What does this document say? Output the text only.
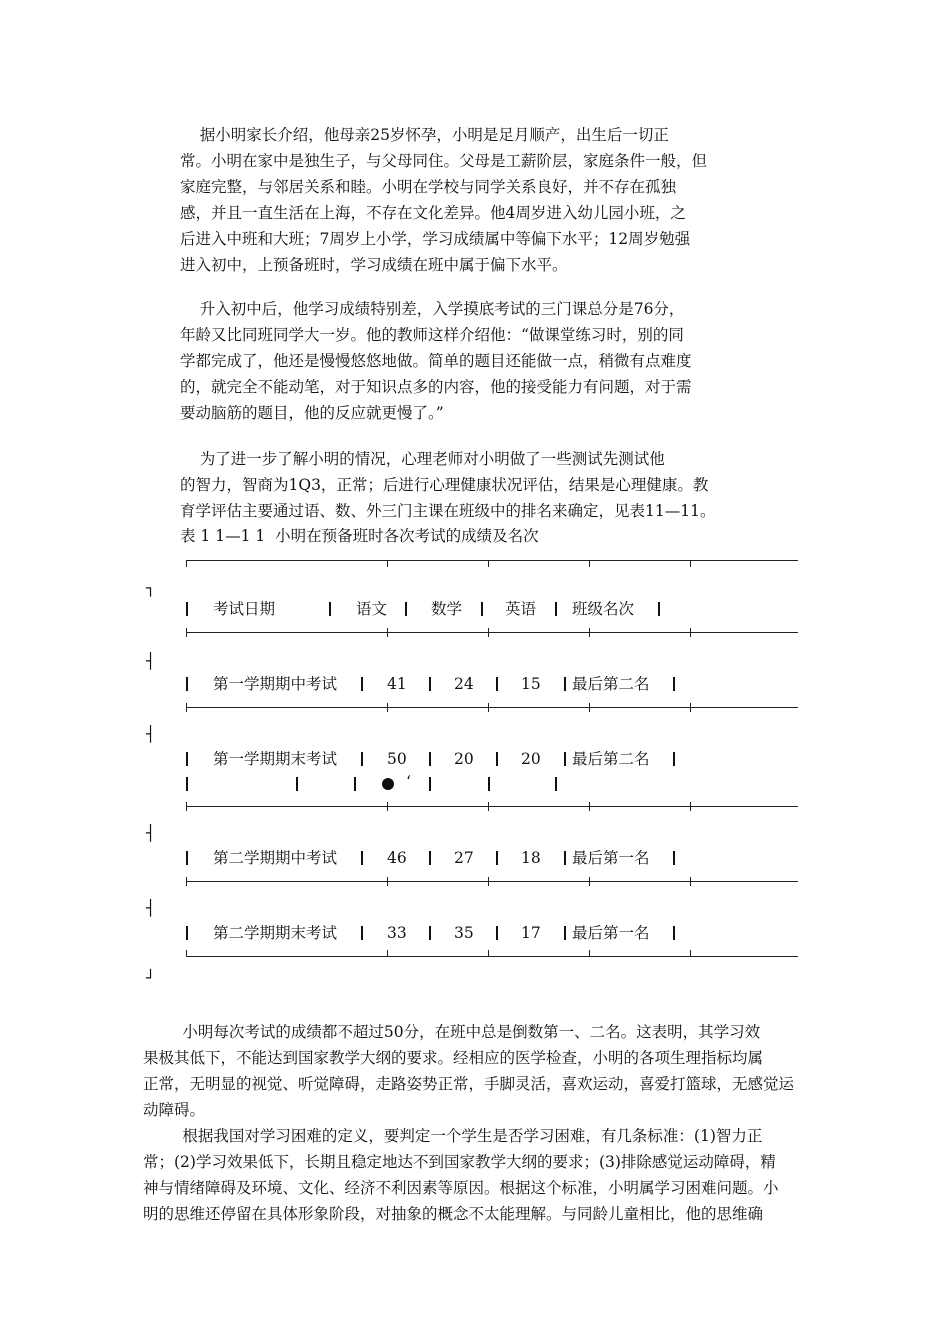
据小明家长介绍，他母亲25岁怀孕，小明是足月顺产，出生后一切正
常。小明在家中是独生子，与父母同住。父母是工薪阶层，家庭条件一般，但
家庭完整，与邻居关系和睦。小明在学校与同学关系良好，并不存在孤独
感，并且一直生活在上海，不存在文化差异。他4周岁进入幼儿园小班，之
后进入中班和大班；7周岁上小学，学习成绩属中等偏下水平；12周岁勉强
进入初中，上预备班时，学习成绩在班中属于偏下水平。
升入初中后，他学习成绩特别差，入学摸底考试的三门课总分是76分，
年龄又比同班同学大一岁。他的教师这样介绍他：“做课堂练习时，别的同
学都完成了，他还是慢慢悠悠地做。简单的题目还能做一点，稍微有点难度
的，就完全不能动笔，对于知识点多的内容，他的接受能力有问题，对于需
要动脑筋的题目，他的反应就更慢了。”
为了进一步了解小明的情况，心理老师对小明做了一些测试先测试他
的智力，智商为1Q3，正常；后进行心理健康状况评估，结果是心理健康。教
育学评估主要通过语、数、外三门主课在班级中的排名来确定，见表11—11。
表 1 1—1 1  小明在预备班时各次考试的成绩及名次
┐
┤
┤
┤
┤
┘
考试日期	语文	数学	英语 班级名次
第一学期期中考试	41	24	15 最后第二名
第一学期期末考试	50	20	20 最后第二名
‘
第二学期期中考试	46	27	18 最后第一名
第二学期期末考试	33	35	17 最后第一名
小明每次考试的成绩都不超过50分，在班中总是倒数第一、二名。这表明，其学习效
果极其低下，不能达到国家教学大纲的要求。经相应的医学检查，小明的各项生理指标均属
正常，无明显的视觉、听觉障碍，走路姿势正常，手脚灵活，喜欢运动，喜爱打篮球，无感觉运
动障碍。
根据我国对学习困难的定义，要判定一个学生是否学习困难，有几条标准：(1)智力正
常；(2)学习效果低下，长期且稳定地达不到国家教学大纲的要求；(3)排除感觉运动障碍，精
神与情绪障碍及环境、文化、经济不利因素等原因。根据这个标准，小明属学习困难问题。小
明的思维还停留在具体形象阶段，对抽象的概念不太能理解。与同龄儿童相比，他的思维确
